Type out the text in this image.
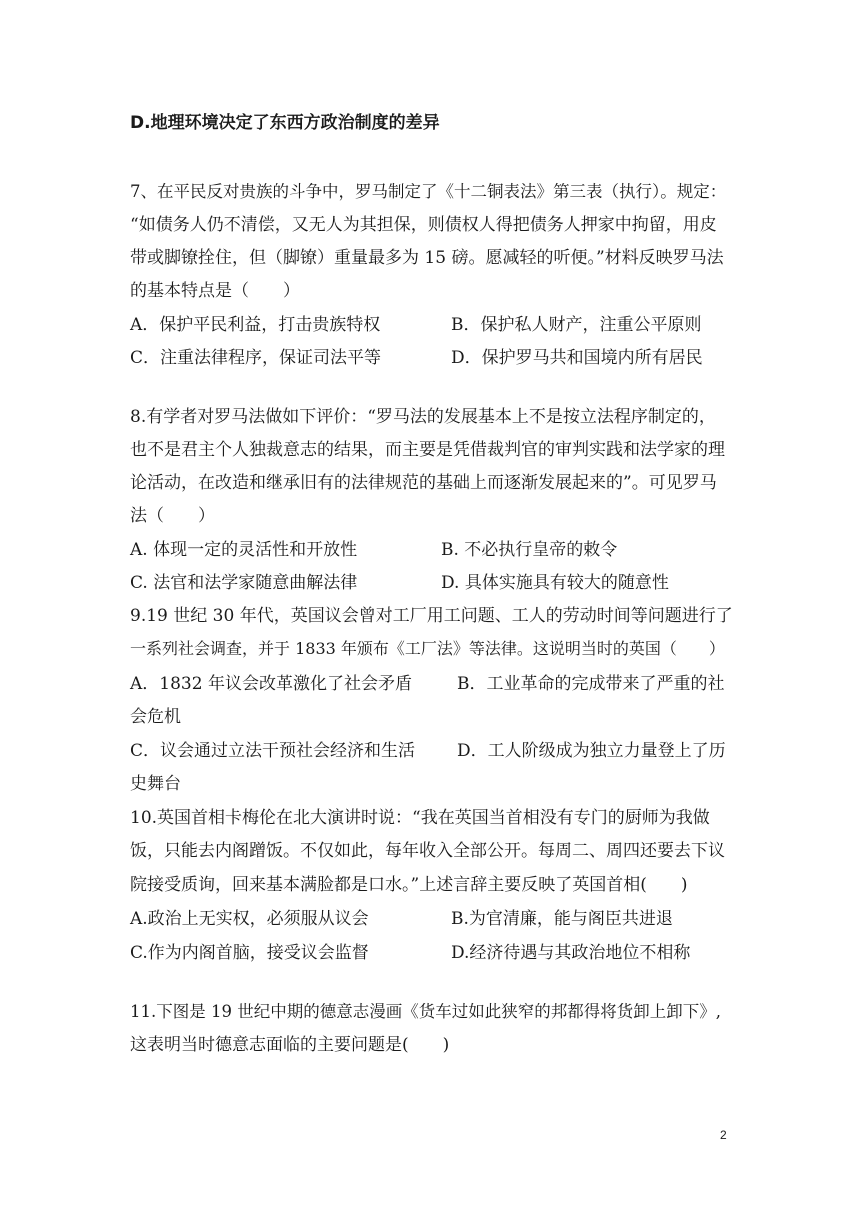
D.地理环境决定了东西方政治制度的差异
7、在平民反对贵族的斗争中，罗马制定了《十二铜表法》第三表（执行）。规定：
“如债务人仍不清偿，又无人为其担保，则债权人得把债务人押家中拘留，用皮
带或脚镣拴住，但（脚镣）重量最多为 15 磅。愿减轻的听便。”材料反映罗马法
的基本特点是（　　）
A．保护平民利益，打击贵族特权	B．保护私人财产，注重公平原则
C．注重法律程序，保证司法平等	D．保护罗马共和国境内所有居民
8.有学者对罗马法做如下评价：“罗马法的发展基本上不是按立法程序制定的，
也不是君主个人独裁意志的结果，而主要是凭借裁判官的审判实践和法学家的理
论活动，在改造和继承旧有的法律规范的基础上而逐渐发展起来的”。可见罗马
法（　　）
A. 体现一定的灵活性和开放性	B. 不必执行皇帝的敕令
C. 法官和法学家随意曲解法律	D. 具体实施具有较大的随意性
9.19 世纪 30 年代，英国议会曾对工厂用工问题、工人的劳动时间等问题进行了
一系列社会调查，并于 1833 年颁布《工厂法》等法律。这说明当时的英国（　　）
A．1832 年议会改革激化了社会矛盾	B．工业革命的完成带来了严重的社
会危机
C．议会通过立法干预社会经济和生活 D．工人阶级成为独立力量登上了历
史舞台
10.英国首相卡梅伦在北大演讲时说：“我在英国当首相没有专门的厨师为我做
饭，只能去内阁蹭饭。不仅如此，每年收入全部公开。每周二、周四还要去下议
院接受质询，回来基本满脸都是口水。”上述言辞主要反映了英国首相(　　)
A.政治上无实权，必须服从议会	B.为官清廉，能与阁臣共进退
C.作为内阁首脑，接受议会监督	D.经济待遇与其政治地位不相称
11.下图是 19 世纪中期的德意志漫画《货车过如此狭窄的邦都得将货卸上卸下》,
这表明当时德意志面临的主要问题是(　　)
2
